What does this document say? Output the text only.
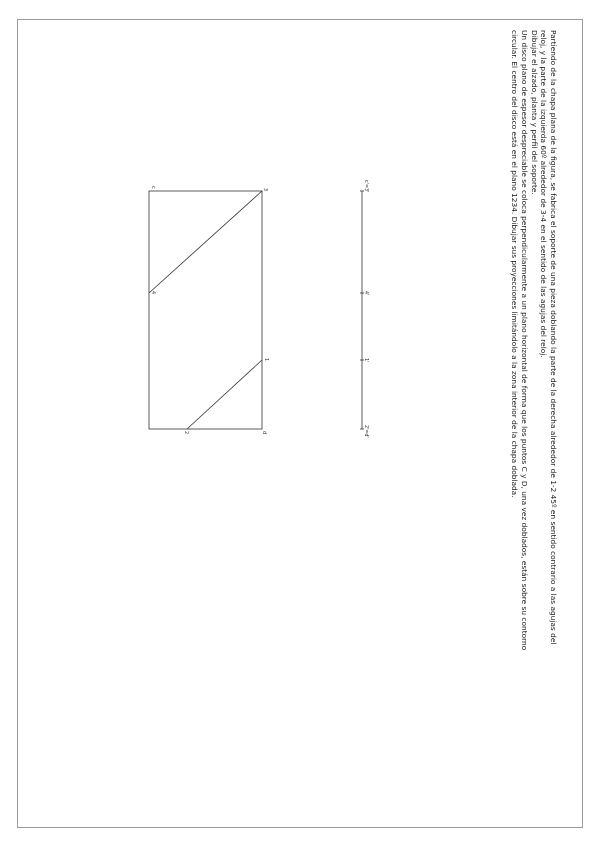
Partiendo de la chapa plana de la figura, se fabrica el soporte de una pieza doblando la parte de la derecha alrededor de 1-2 45º en sentido contrario a las agujas del

reloj, y la parte de la izquierda 60º alrededor de 3-4 en el sentido de las agujas del reloj.

Dibujar el alzado, planta y perfil del soporte.

Un disco plano de espesor despreciable se coloca perpendicularmente a un plano horizontal de forma que los puntos C y D, una vez doblados, están sobre su contorno

circular. El centro del disco está en el plano 1234. Dibujar sus proyecciones limitándolo a la zona interior de la chapa doblada.

c
3
4
1
2	d
c'=3'
4'
1'
2'=d'
